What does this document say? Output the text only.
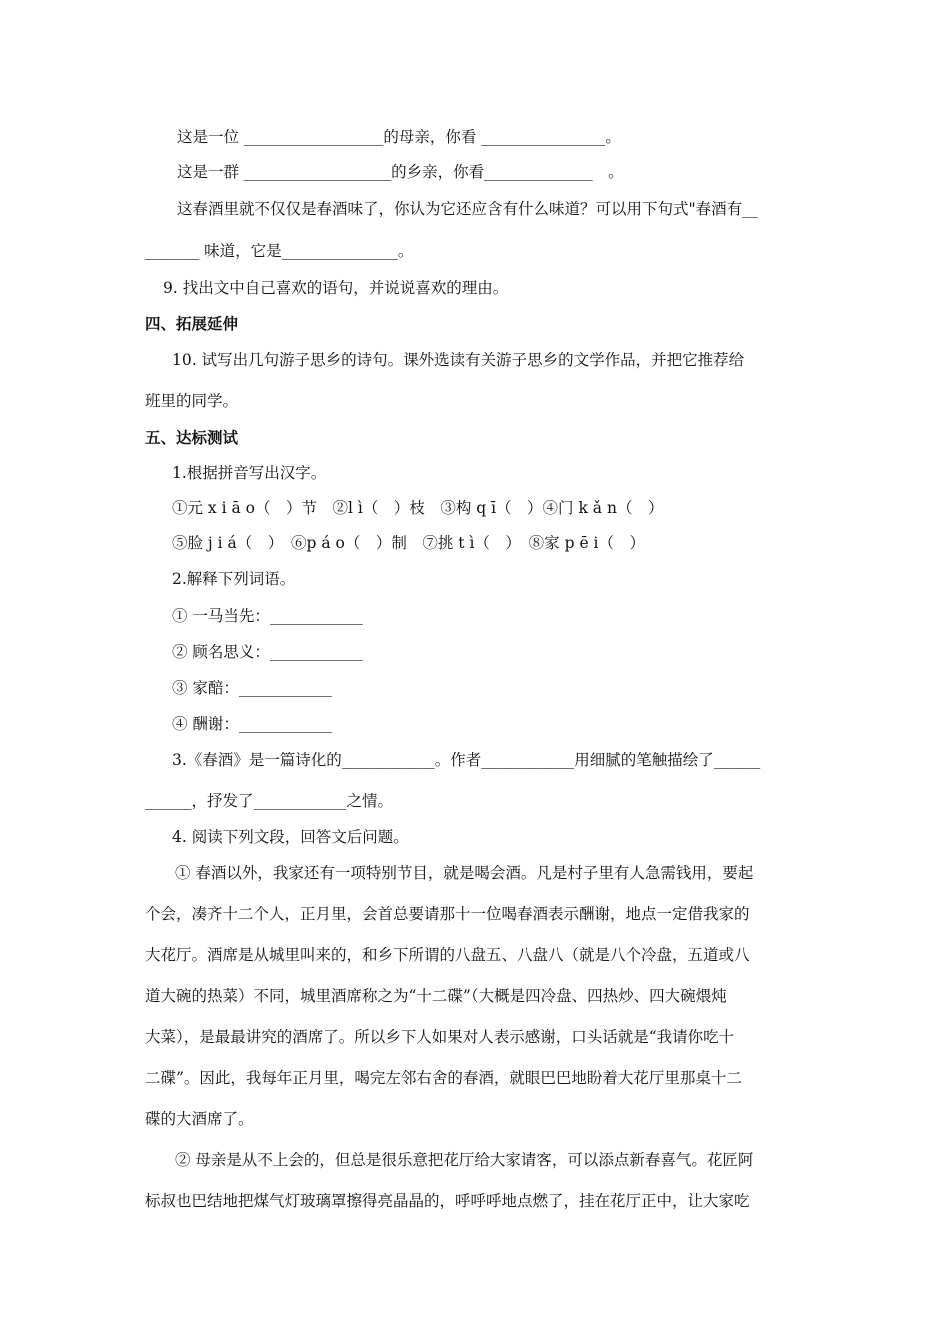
这是一位 __________________的母亲，你看 ________________。
这是一群 ___________________的乡亲，你看______________　。
这春酒里就不仅仅是春酒味了，你认为它还应含有什么味道？可以用下句式"春酒有__
_______ 味道，它是_______________。
9. 找出文中自己喜欢的语句，并说说喜欢的理由。
四、拓展延伸
10. 试写出几句游子思乡的诗句。课外选读有关游子思乡的文学作品，并把它推荐给
班里的同学。
五、达标测试
1.根据拼音写出汉字。
①元 x i ā o（　）节　②l ì（　）枝　③构 q ī（　）④门 k ǎ n（　）
⑤脸 j i á（　）　⑥p á o（　）制　⑦挑 t ì（　）　⑧家 p ē i（　）
2.解释下列词语。
① 一马当先：____________
② 顾名思义：____________
③ 家醅：____________
④ 酬谢：____________
3.《春酒》是一篇诗化的____________。作者____________用细腻的笔触描绘了______
______，抒发了____________之情。
4. 阅读下列文段，回答文后问题。
① 春酒以外，我家还有一项特别节目，就是喝会酒。凡是村子里有人急需钱用，要起
个会，凑齐十二个人，正月里，会首总要请那十一位喝春酒表示酬谢，地点一定借我家的
大花厅。酒席是从城里叫来的，和乡下所谓的八盘五、八盘八（就是八个冷盘，五道或八
道大碗的热菜）不同，城里酒席称之为“十二碟”（大概是四冷盘、四热炒、四大碗煨炖
大菜），是最最讲究的酒席了。所以乡下人如果对人表示感谢，口头话就是“我请你吃十
二碟”。因此，我每年正月里，喝完左邻右舍的春酒，就眼巴巴地盼着大花厅里那桌十二
碟的大酒席了。
② 母亲是从不上会的，但总是很乐意把花厅给大家请客，可以添点新春喜气。花匠阿
标叔也巴结地把煤气灯玻璃罩擦得亮晶晶的，呼呼呼地点燃了，挂在花厅正中，让大家吃
